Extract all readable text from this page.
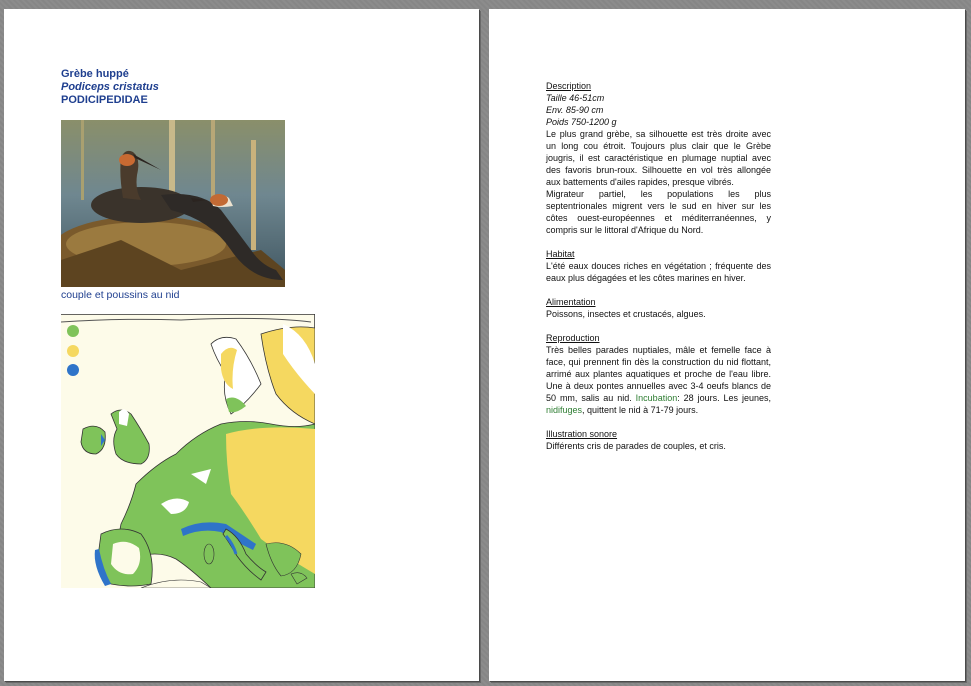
Grèbe huppé
Podiceps cristatus
PODICIPEDIDAE
couple et poussins au nid
Description
Taille 46-51cm
Env. 85-90 cm
Poids 750-1200 g
Le plus grand grèbe, sa silhouette est très droite avec un long cou étroit. Toujours plus clair que le Grèbe jougris, il est caractéristique en plumage nuptial avec des favoris brun-roux. Silhouette en vol très allongée aux battements d'ailes rapides, presque vibrés.
Migrateur partiel, les populations les plus septentrionales migrent vers le sud en hiver sur les côtes ouest-européennes et méditerranéennes, y compris sur le littoral d'Afrique du Nord.
Habitat
L'été eaux douces riches en végétation ; fréquente des eaux plus dégagées et les côtes marines en hiver.
Alimentation
Poissons, insectes et crustacés, algues.
Reproduction
Très belles parades nuptiales, mâle et femelle face à face, qui prennent fin dès la construction du nid flottant, arrimé aux plantes aquatiques et proche de l'eau libre. Une à deux pontes annuelles avec 3-4 oeufs blancs de 50 mm, salis au nid. Incubation: 28 jours. Les jeunes, nidifuges, quittent le nid à 71-79 jours.
Illustration sonore
Différents cris de parades de couples, et cris.
